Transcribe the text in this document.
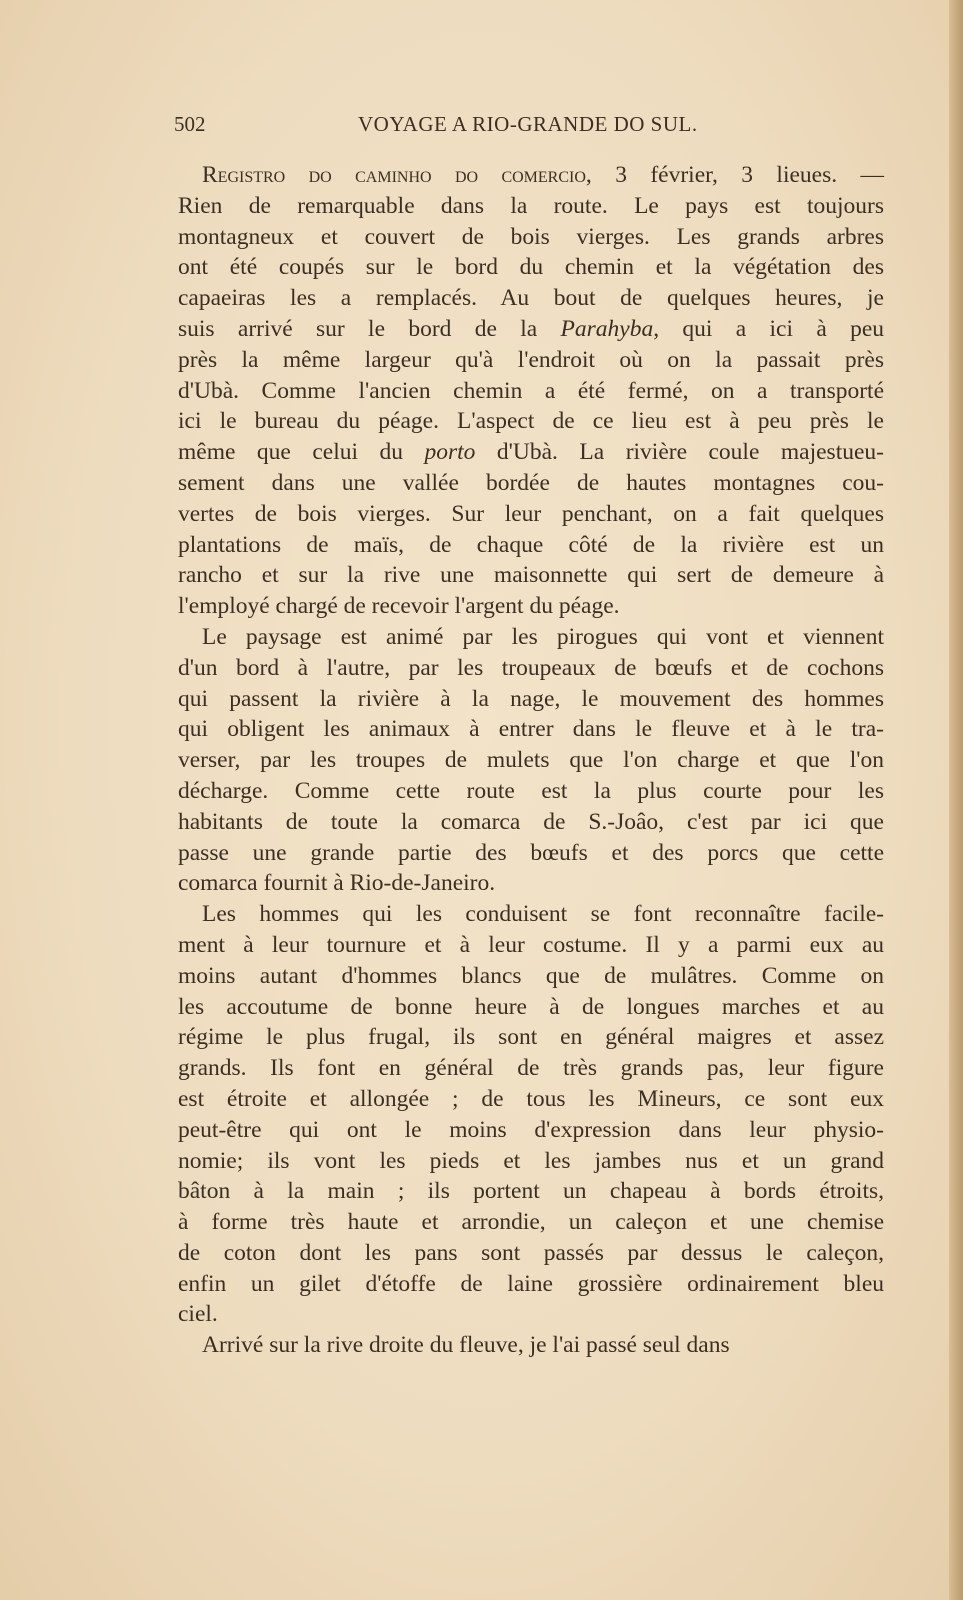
502	VOYAGE A RIO-GRANDE DO SUL.
Registro do caminho do comercio, 3 février, 3 lieues. —
Rien de remarquable dans la route. Le pays est toujours
montagneux et couvert de bois vierges. Les grands arbres
ont été coupés sur le bord du chemin et la végétation des
capaeiras les a remplacés. Au bout de quelques heures, je
suis arrivé sur le bord de la Parahyba, qui a ici à peu
près la même largeur qu'à l'endroit où on la passait près
d'Ubà. Comme l'ancien chemin a été fermé, on a transporté
ici le bureau du péage. L'aspect de ce lieu est à peu près le
même que celui du porto d'Ubà. La rivière coule majestueu-
sement dans une vallée bordée de hautes montagnes cou-
vertes de bois vierges. Sur leur penchant, on a fait quelques
plantations de maïs, de chaque côté de la rivière est un
rancho et sur la rive une maisonnette qui sert de demeure à
l'employé chargé de recevoir l'argent du péage.
Le paysage est animé par les pirogues qui vont et viennent
d'un bord à l'autre, par les troupeaux de bœufs et de cochons
qui passent la rivière à la nage, le mouvement des hommes
qui obligent les animaux à entrer dans le fleuve et à le tra-
verser, par les troupes de mulets que l'on charge et que l'on
décharge. Comme cette route est la plus courte pour les
habitants de toute la comarca de S.-Joâo, c'est par ici que
passe une grande partie des bœufs et des porcs que cette
comarca fournit à Rio-de-Janeiro.
Les hommes qui les conduisent se font reconnaître facile-
ment à leur tournure et à leur costume. Il y a parmi eux au
moins autant d'hommes blancs que de mulâtres. Comme on
les accoutume de bonne heure à de longues marches et au
régime le plus frugal, ils sont en général maigres et assez
grands. Ils font en général de très grands pas, leur figure
est étroite et allongée ; de tous les Mineurs, ce sont eux
peut-être qui ont le moins d'expression dans leur physio-
nomie; ils vont les pieds et les jambes nus et un grand
bâton à la main ; ils portent un chapeau à bords étroits,
à forme très haute et arrondie, un caleçon et une chemise
de coton dont les pans sont passés par dessus le caleçon,
enfin un gilet d'étoffe de laine grossière ordinairement bleu
ciel.
Arrivé sur la rive droite du fleuve, je l'ai passé seul dans
